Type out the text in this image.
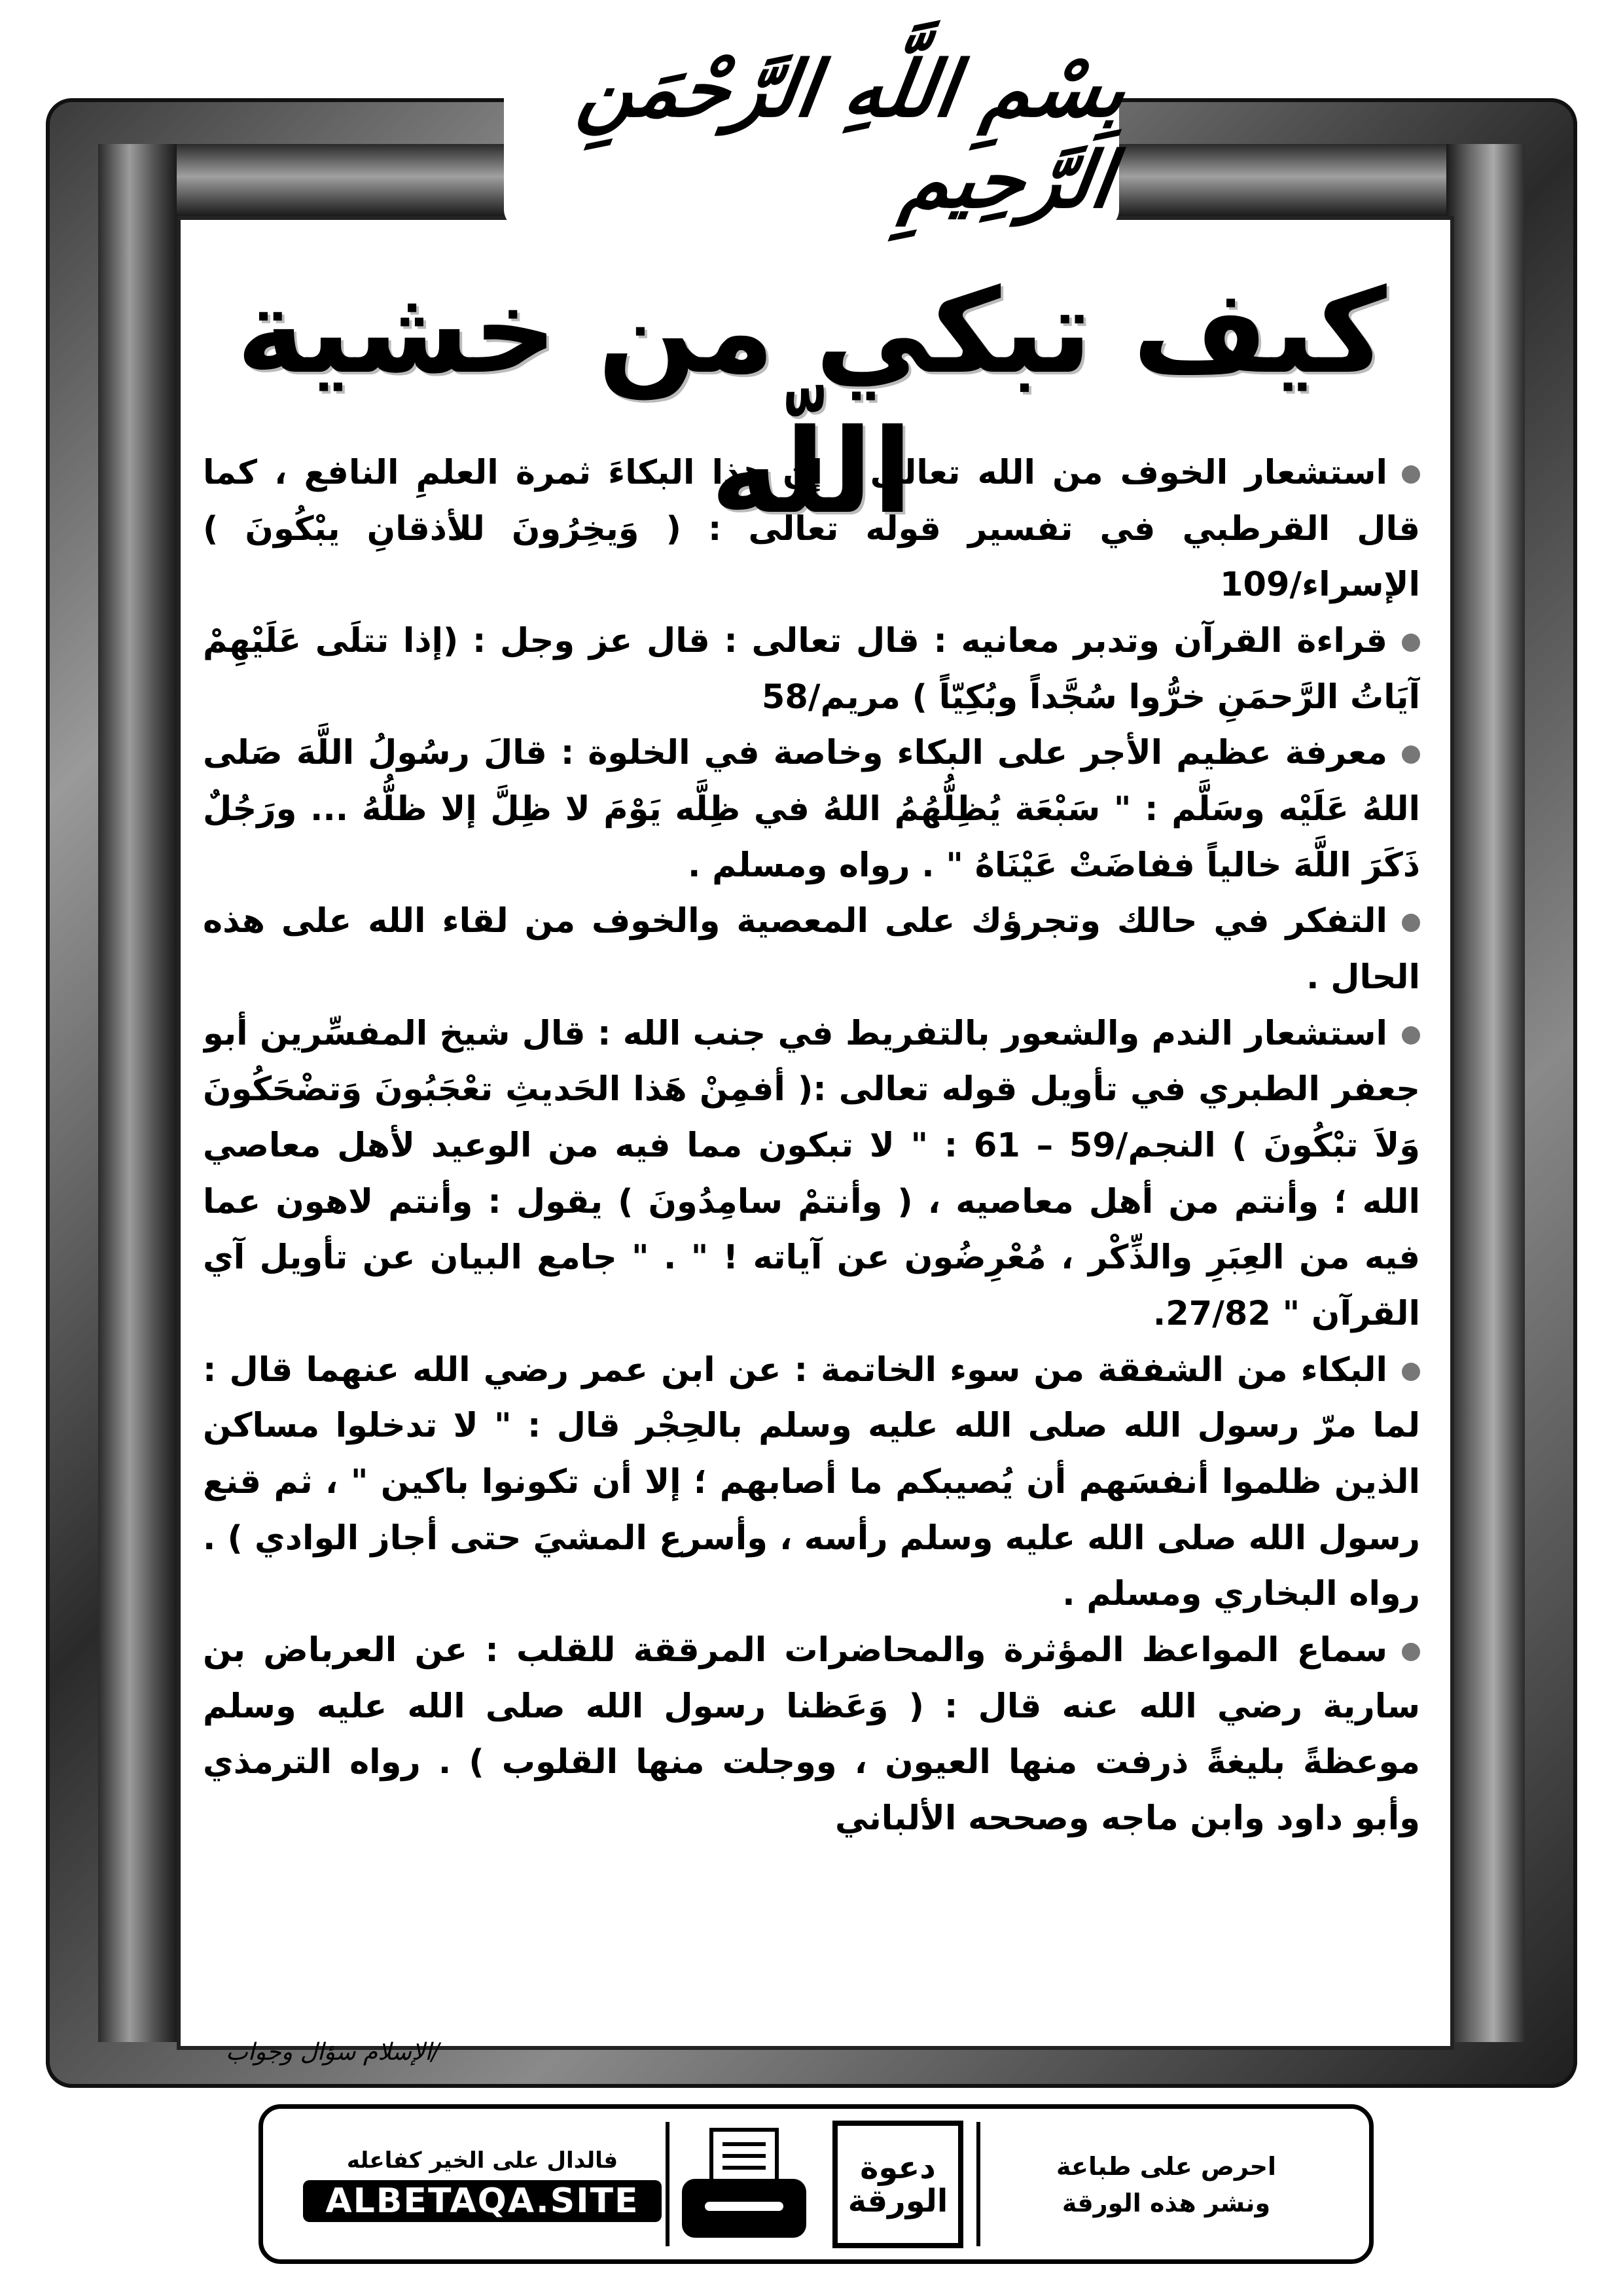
بِسْمِ اللَّهِ الرَّحْمَنِ الرَّحِيمِ
كيف تبكي من خشية اللّه

استشعار الخوف من الله تعالى : إن هذا البكاءَ ثمرة العلمِ النافع ، كما قال القرطبي في تفسير قوله تعالى : ( وَيخِرُونَ للأذقانِ يبْكُونَ ) الإسراء/109

قراءة القرآن وتدبر معانيه : قال تعالى : قال عز وجل : (إذا تتلَى عَلَيْهِمْ آيَاتُ الرَّحمَنِ خرُّوا سُجَّداً وبُكِيّاً ) مريم/58

معرفة عظيم الأجر على البكاء وخاصة في الخلوة : قالَ رسُولُ اللَّهَ صَلى اللهُ عَلَيْه وسَلَّم : " سَبْعَة يُظِلُّهُمُ اللهُ في ظِلَّه يَوْمَ لا ظِلَّ إلا ظلُّهُ ... ورَجُلٌ ذَكَرَ اللَّهَ خالياً ففاضَتْ عَيْنَاهُ " . رواه ومسلم .

التفكر في حالك وتجرؤك على المعصية والخوف من لقاء الله على هذه الحال .

استشعار الندم والشعور بالتفريط في جنب الله : قال شيخ المفسِّرين أبو جعفر الطبري في تأويل قوله تعالى :( أفمِنْ هَذا الحَديثِ تعْجَبُونَ وَتضْحَكُونَ وَلاَ تبْكُونَ ) النجم/59 – 61 : " لا تبكون مما فيه من الوعيد لأهل معاصي الله ؛ وأنتم من أهل معاصيه ، ( وأنتمْ سامِدُونَ ) يقول : وأنتم لاهون عما فيه من العِبَرِ والذِّكْر ، مُعْرِضُون عن آياته ! " . " جامع البيان عن تأويل آي القرآن " 27/82.

البكاء من الشفقة من سوء الخاتمة : عن ابن عمر رضي الله عنهما قال : لما مرّ رسول الله صلى الله عليه وسلم بالحِجْر قال : " لا تدخلوا مساكن الذين ظلموا أنفسَهم أن يُصيبكم ما أصابهم ؛ إلا أن تكونوا باكين " ، ثم قنع رسول الله صلى الله عليه وسلم رأسه ، وأسرع المشيَ حتى أجاز الوادي ) . رواه البخاري ومسلم .

سماع المواعظ المؤثرة والمحاضرات المرققة للقلب : عن العرباض بن سارية رضي الله عنه قال : ( وَعَظنا رسول الله صلى الله عليه وسلم موعظةً بليغةً ذرفت منها العيون ، ووجلت منها القلوب ) . رواه الترمذي وأبو داود وابن ماجه وصححه الألباني

/الإسلام سؤال وجواب
فالدال على الخير كفاعله
ALBETAQA.SITE
دعوة
الورقة
احرص على طباعة
ونشر هذه الورقة
